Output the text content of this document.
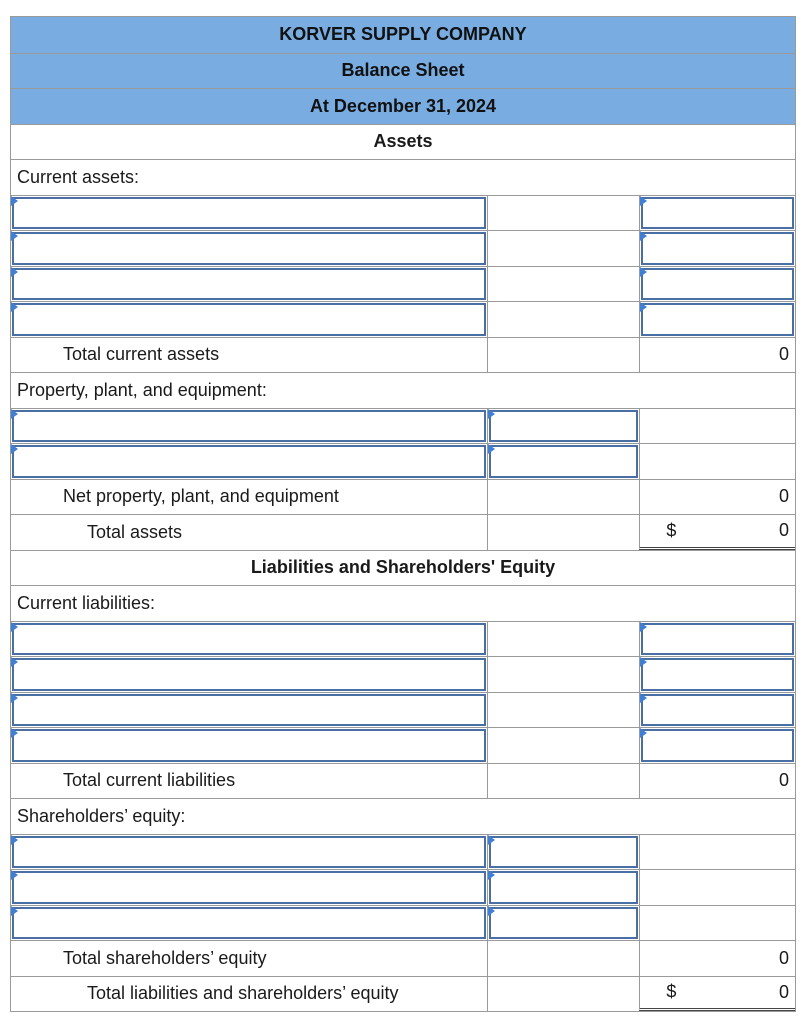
KORVER SUPPLY COMPANY
Balance Sheet
At December 31, 2024
Assets
Current assets:
Total current assets	0
Property, plant, and equipment:
Net property, plant, and equipment	0
Total assets	$	0
Liabilities and Shareholders' Equity
Current liabilities:
Total current liabilities	0
Shareholders’ equity:
Total shareholders’ equity	0
Total liabilities and shareholders’ equity	$	0
